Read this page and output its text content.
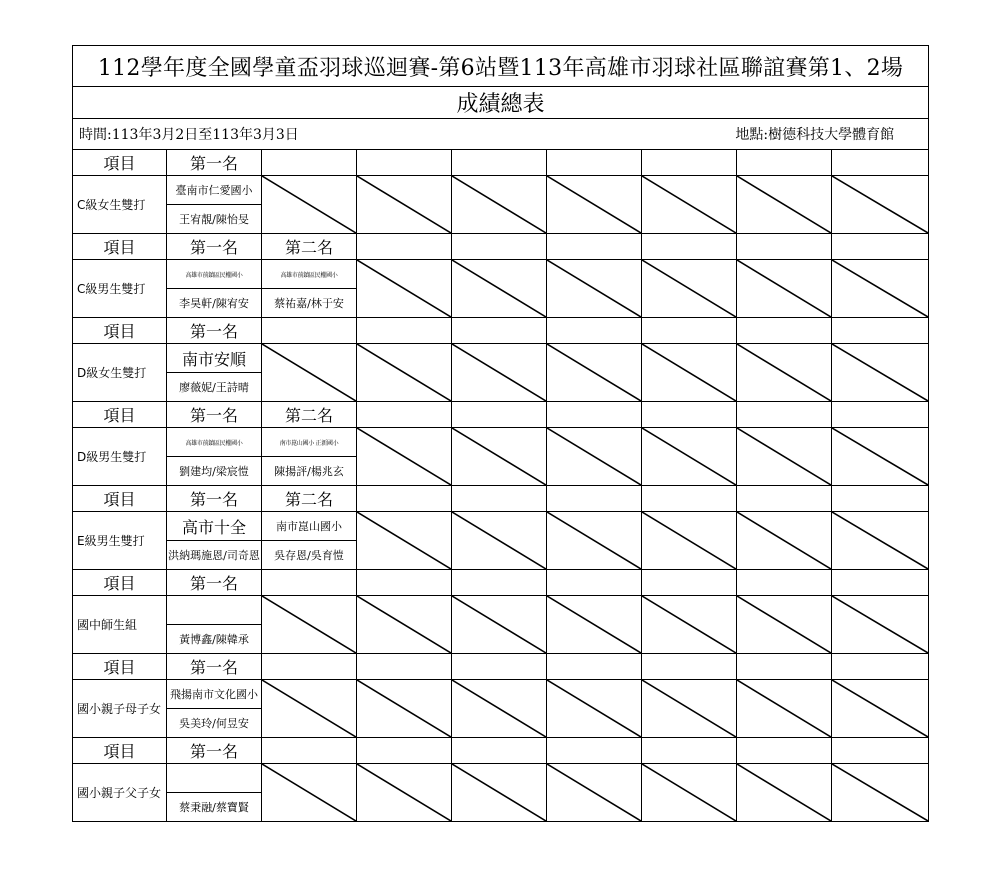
112學年度全國學童盃羽球巡迴賽-第6站暨113年高雄市羽球社區聯誼賽第1、2場								
成績總表								

時間:113年3月2日至113年3月3日 地點:樹德科技大學體育館								

項目	第一名							
C級女生雙打	臺南市仁愛國小	

	王宥靚/陳怡旻							
項目	第一名	第二名						
C級男生雙打	高雄市前鎮區民權國小	高雄市前鎮區民權國小	

	李昊軒/陳宥安	蔡祐嘉/林于安						
項目	第一名							
D級女生雙打	南市安順	

	廖薇妮/王詩晴							
項目	第一名	第二名						
D級男生雙打	高雄市前鎮區民權國小	南市崑山國小 正新國小	

	劉建均/梁宸愷	陳揚評/楊兆玄						
項目	第一名	第二名						
E級男生雙打	高市十全	南市崑山國小	

	洪納瑪施恩/司奇恩	吳存恩/吳育愷						
項目	第一名							
國中師生組		

	黃博鑫/陳韓承							
項目	第一名							
國小親子母子女	飛揚南市文化國小	

	吳美玲/何昱安							
項目	第一名							
國小親子父子女		

	蔡秉融/蔡寶賢							
